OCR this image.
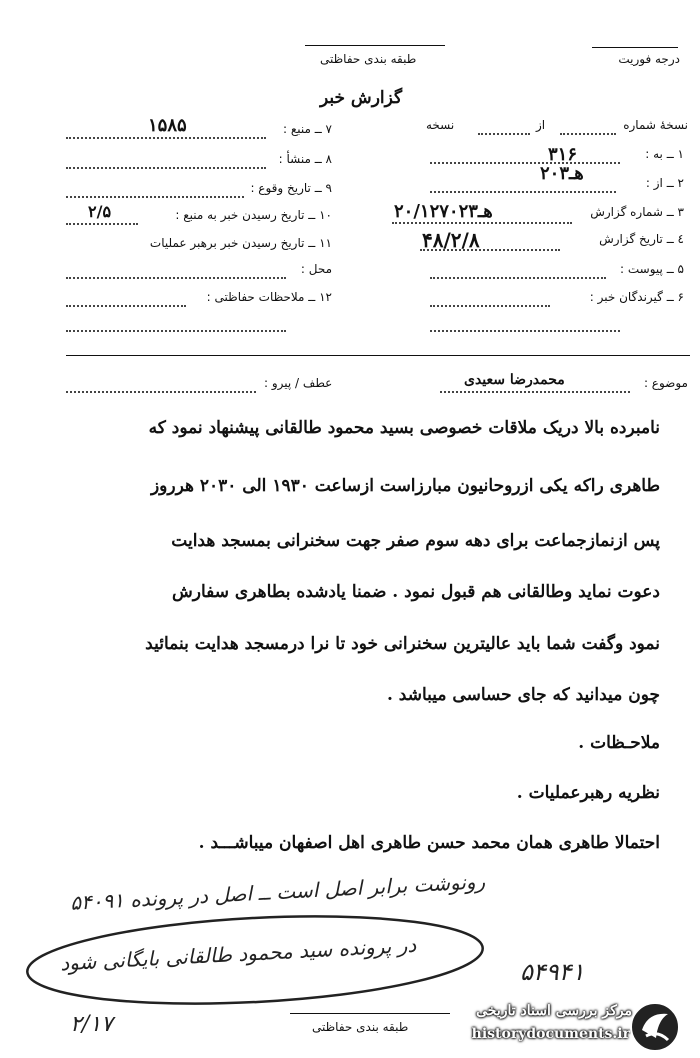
درجه فوریت
طبقه بندی حفاظتی
گزارش خبر
۷ ــ منبع :
۱۵۸۵
۸ ــ منشأ :
۹ ــ تاریخ وقوع :
۱۰ ــ تاریخ رسیدن خبر به منبع :
۲/۵
۱۱ ــ تاریخ رسیدن خبر برهبر عملیات
محل :
۱۲ ــ ملاحظات حفاظتی :
نسخهٔ شماره
از
نسخه
۱ ــ به :
۳۱۶
۲ ــ از :
۲۰هـ۳
۳ ــ شماره گزارش
۲۰/۱۲۷۰۲هـ۳
٤ ــ تاریخ گزارش
۴۸/۲/۸
۵ ــ پیوست :
۶ ــ گیرندگان خبر :
موضوع :
محمدرضا سعیدی
عطف / پیرو :
نامبرده بالا دریک ملاقات خصوصی بسید محمود طالقانی پیشنهاد نمود که
طاهری راکه یکی ازروحانیون مبارزاست ازساعت ۱۹۳۰ الی ۲۰۳۰ هرروز
پس ازنمازجماعت برای دهه سوم صفر جهت سخنرانی بمسجد هدایت
دعوت نماید وطالقانی هم قبول نمود . ضمنا یادشده بطاهری سفارش
نمود وگفت شما باید عالیترین سخنرانی خود تا نرا درمسجد هدایت بنمائید
چون میدانید که جای حساسی میباشد .
ملاحـظات .
نظریه رهبرعملیات .
احتمالا طاهری همان محمد حسن طاهری اهل اصفهان میباشـــد .
رونوشت برابر اصل است ــ اصل در پرونده ۵۴۰۹۱
در پرونده سید محمود طالقانی بایگانی شود	۵۴۹۴۱
۲/۱۷	طبقه بندی حفاظتی
مرکز بررسی اسناد تاریخی
historydocuments.ir
